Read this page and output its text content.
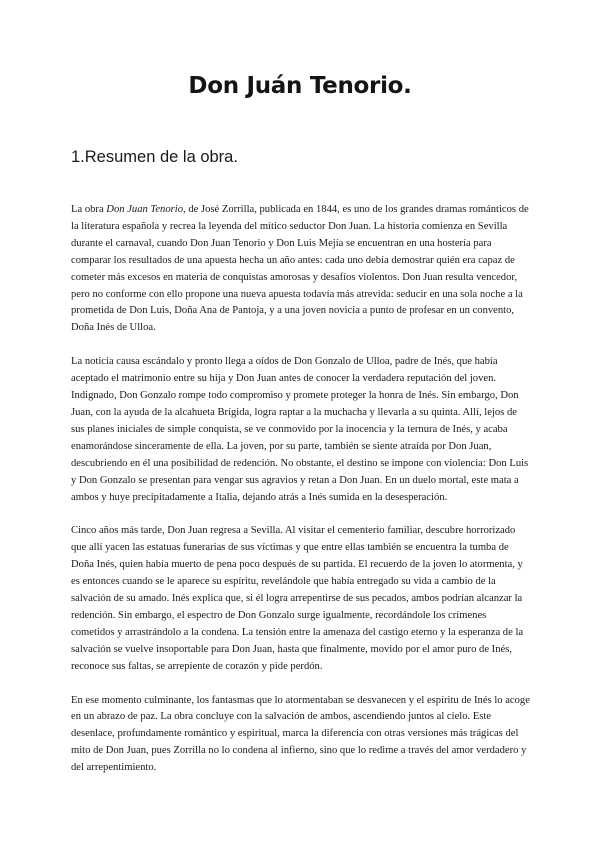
Don Juán Tenorio.
1.Resumen de la obra.

La obra Don Juan Tenorio, de José Zorrilla, publicada en 1844, es uno de los grandes dramas románticos de la literatura española y recrea la leyenda del mítico seductor Don Juan. La historia comienza en Sevilla durante el carnaval, cuando Don Juan Tenorio y Don Luis Mejía se encuentran en una hostería para comparar los resultados de una apuesta hecha un año antes: cada uno debía demostrar quién era capaz de cometer más excesos en materia de conquistas amorosas y desafíos violentos. Don Juan resulta vencedor, pero no conforme con ello propone una nueva apuesta todavía más atrevida: seducir en una sola noche a la prometida de Don Luis, Doña Ana de Pantoja, y a una joven novicia a punto de profesar en un convento, Doña Inés de Ulloa.

La noticia causa escándalo y pronto llega a oídos de Don Gonzalo de Ulloa, padre de Inés, que había aceptado el matrimonio entre su hija y Don Juan antes de conocer la verdadera reputación del joven. Indignado, Don Gonzalo rompe todo compromiso y promete proteger la honra de Inés. Sin embargo, Don Juan, con la ayuda de la alcahueta Brígida, logra raptar a la muchacha y llevarla a su quinta. Allí, lejos de sus planes iniciales de simple conquista, se ve conmovido por la inocencia y la ternura de Inés, y acaba enamorándose sinceramente de ella. La joven, por su parte, también se siente atraída por Don Juan, descubriendo en él una posibilidad de redención. No obstante, el destino se impone con violencia: Don Luis y Don Gonzalo se presentan para vengar sus agravios y retan a Don Juan. En un duelo mortal, este mata a ambos y huye precipitadamente a Italia, dejando atrás a Inés sumida en la desesperación.

Cinco años más tarde, Don Juan regresa a Sevilla. Al visitar el cementerio familiar, descubre horrorizado que allí yacen las estatuas funerarias de sus víctimas y que entre ellas también se encuentra la tumba de Doña Inés, quien había muerto de pena poco después de su partida. El recuerdo de la joven lo atormenta, y es entonces cuando se le aparece su espíritu, revelándole que había entregado su vida a cambio de la salvación de su amado. Inés explica que, si él logra arrepentirse de sus pecados, ambos podrían alcanzar la redención. Sin embargo, el espectro de Don Gonzalo surge igualmente, recordándole los crímenes cometidos y arrastrándolo a la condena. La tensión entre la amenaza del castigo eterno y la esperanza de la salvación se vuelve insoportable para Don Juan, hasta que finalmente, movido por el amor puro de Inés, reconoce sus faltas, se arrepiente de corazón y pide perdón.

En ese momento culminante, los fantasmas que lo atormentaban se desvanecen y el espíritu de Inés lo acoge en un abrazo de paz. La obra concluye con la salvación de ambos, ascendiendo juntos al cielo. Este desenlace, profundamente romántico y espiritual, marca la diferencia con otras versiones más trágicas del mito de Don Juan, pues Zorrilla no lo condena al infierno, sino que lo redime a través del amor verdadero y del arrepentimiento.
